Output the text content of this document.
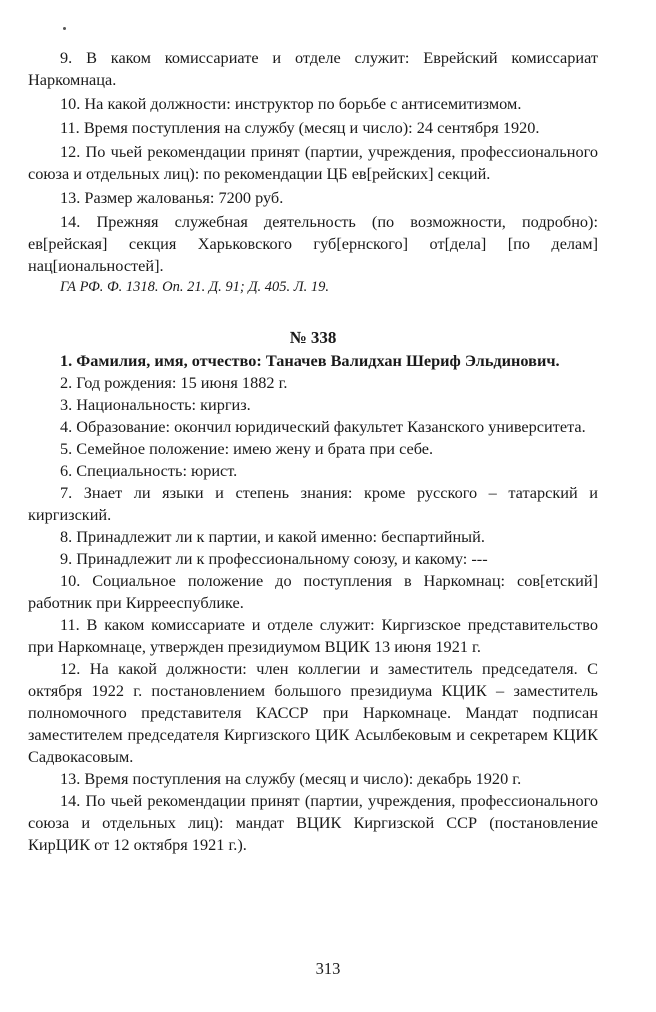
9. В каком комиссариате и отделе служит: Еврейский комиссариат Наркомнаца.

10. На какой должности: инструктор по борьбе с антисемитизмом.

11. Время поступления на службу (месяц и число): 24 сентября 1920.

12. По чьей рекомендации принят (партии, учреждения, профессионального союза и отдельных лиц): по рекомендации ЦБ ев[рейских] секций.

13. Размер жалованья: 7200 руб.

14. Прежняя служебная деятельность (по возможности, подробно): ев[рейская] секция Харьковского губ[ернского] от[дела] [по делам] нац[иональностей].

ГА РФ. Ф. 1318. Оп. 21. Д. 91; Д. 405. Л. 19.

№ 338

1. Фамилия, имя, отчество: Таначев Валидхан Шериф Эльдинович.

2. Год рождения: 15 июня 1882 г.

3. Национальность: киргиз.

4. Образование: окончил юридический факультет Казанского университета.

5. Семейное положение: имею жену и брата при себе.

6. Специальность: юрист.

7. Знает ли языки и степень знания: кроме русского – татарский и киргизский.

8. Принадлежит ли к партии, и какой именно: беспартийный.

9. Принадлежит ли к профессиональному союзу, и какому: ---

10. Социальное положение до поступления в Наркомнац: сов[етский] работник при Киррееспублике.

11. В каком комиссариате и отделе служит: Киргизское представительство при Наркомнаце, утвержден президиумом ВЦИК 13 июня 1921 г.

12. На какой должности: член коллегии и заместитель председателя. С октября 1922 г. постановлением большого президиума КЦИК – заместитель полномочного представителя КАССР при Наркомнаце. Мандат подписан заместителем председателя Киргизского ЦИК Асылбековым и секретарем КЦИК Садвокасовым.

13. Время поступления на службу (месяц и число): декабрь 1920 г.

14. По чьей рекомендации принят (партии, учреждения, профессионального союза и отдельных лиц): мандат ВЦИК Киргизской ССР (постановление КирЦИК от 12 октября 1921 г.).

313
